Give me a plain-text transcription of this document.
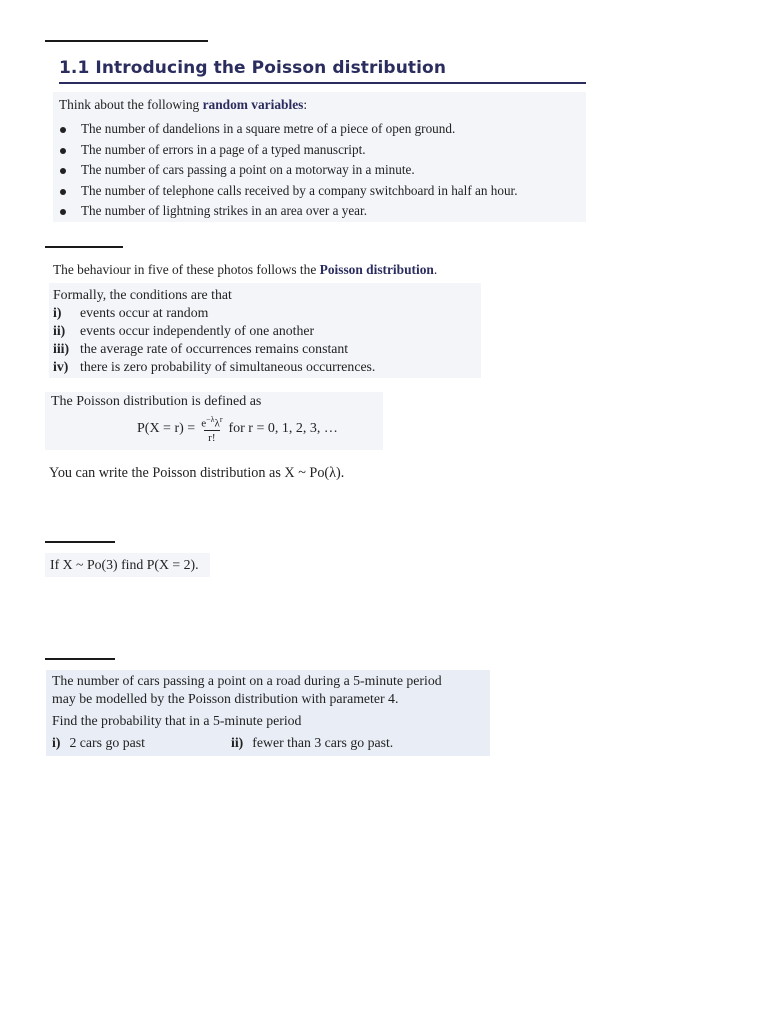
1.1 Introducing the Poisson distribution
Think about the following random variables:
The number of dandelions in a square metre of a piece of open ground.
The number of errors in a page of a typed manuscript.
The number of cars passing a point on a motorway in a minute.
The number of telephone calls received by a company switchboard in half an hour.
The number of lightning strikes in an area over a year.
The behaviour in five of these photos follows the Poisson distribution.
Formally, the conditions are that
i)	events occur at random
ii)	events occur independently of one another
iii) the average rate of occurrences remains constant
iv) there is zero probability of simultaneous occurrences.
The Poisson distribution is defined as
$P(X = r) = \frac{e^{-\lambda}\lambda^r}{r!}$ for r = 0, 1, 2, 3, …
You can write the Poisson distribution as X ~ Po(λ).
If X ~ Po(3) find P(X = 2).
The number of cars passing a point on a road during a 5-minute period
may be modelled by the Poisson distribution with parameter 4.
Find the probability that in a 5-minute period
i) 2 cars go past	ii) fewer than 3 cars go past.
